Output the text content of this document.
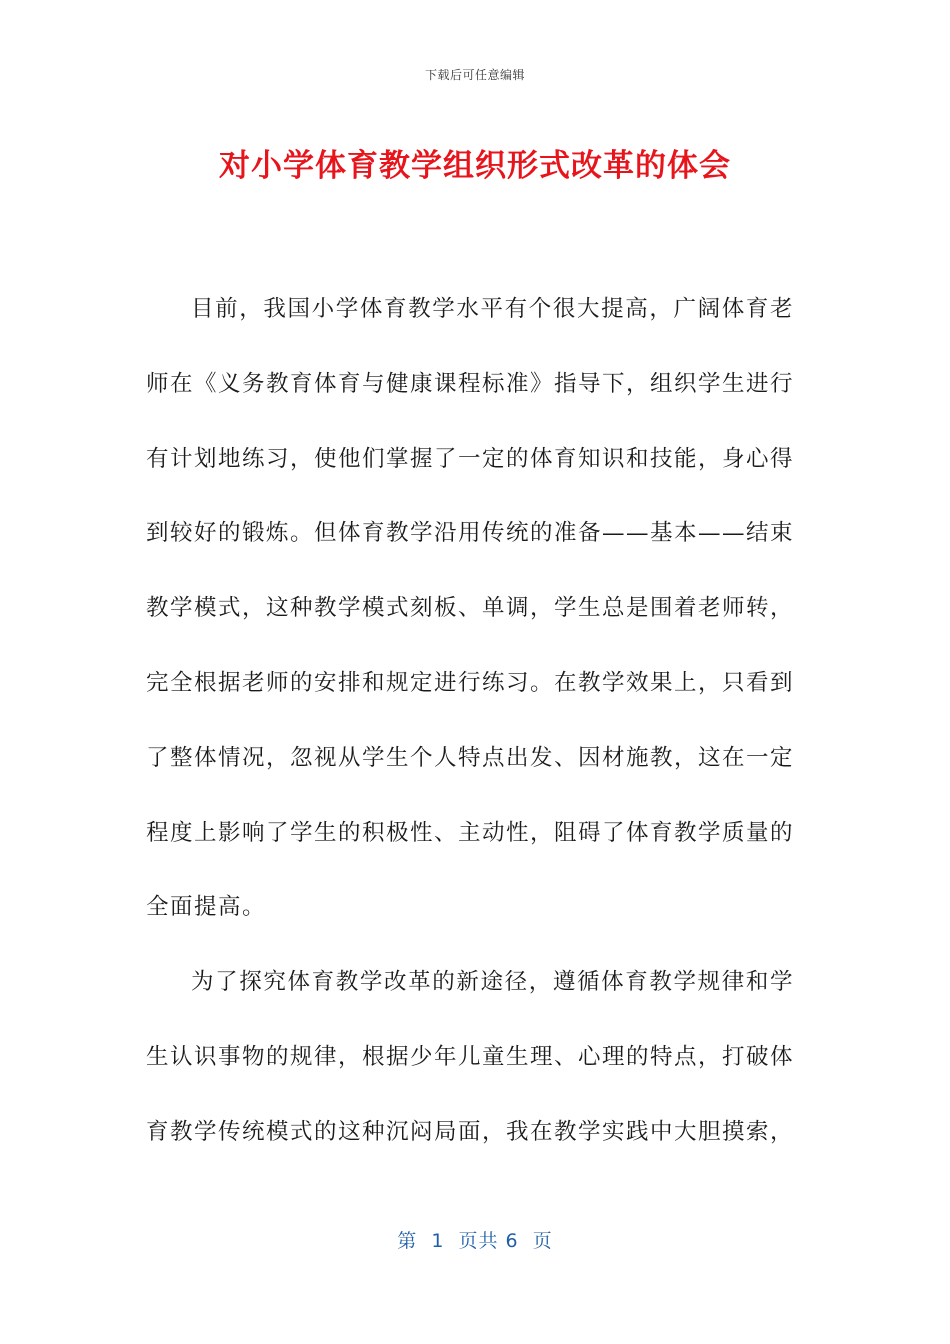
下载后可任意编辑
对小学体育教学组织形式改革的体会

目前，我国小学体育教学水平有个很大提高，广阔体育老师在《义务教育体育与健康课程标准》指导下，组织学生进行有计划地练习，使他们掌握了一定的体育知识和技能，身心得到较好的锻炼。但体育教学沿用传统的准备——基本——结束教学模式，这种教学模式刻板、单调，学生总是围着老师转，完全根据老师的安排和规定进行练习。在教学效果上，只看到了整体情况，忽视从学生个人特点出发、因材施教，这在一定程度上影响了学生的积极性、主动性，阻碍了体育教学质量的全面提高。

为了探究体育教学改革的新途径，遵循体育教学规律和学生认识事物的规律，根据少年儿童生理、心理的特点，打破体育教学传统模式的这种沉闷局面，我在教学实践中大胆摸索，

第  1  页共 6  页
